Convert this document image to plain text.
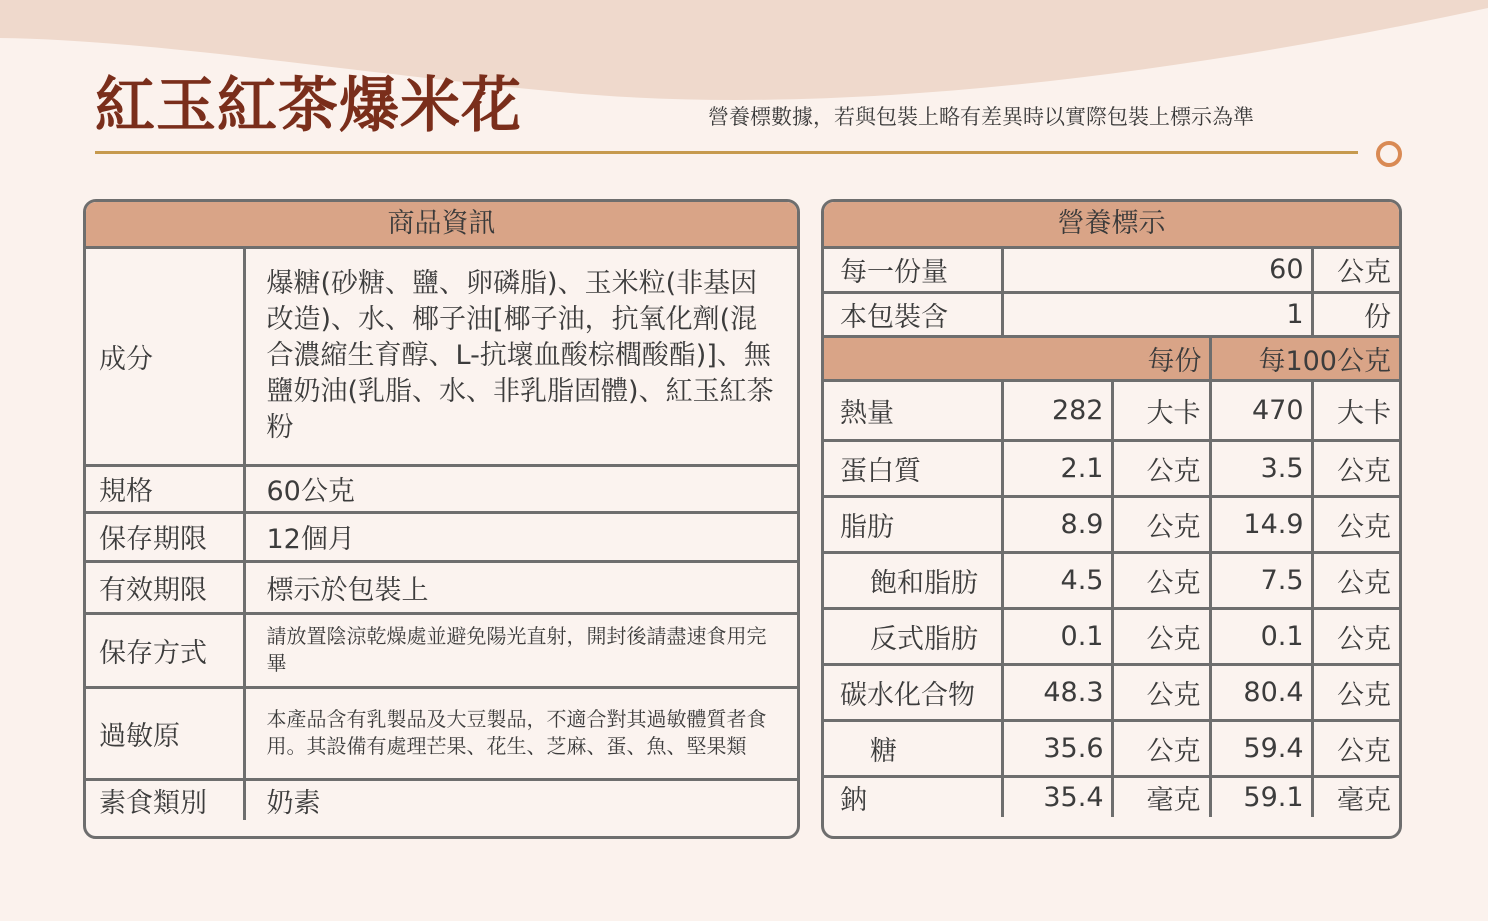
紅玉紅茶爆米花	營養標數據，若與包裝上略有差異時以實際包裝上標示為準
商品資訊
成分	爆糖(砂糖、鹽、卵磷脂)、玉米粒(非基因改造)、水、椰子油[椰子油，抗氧化劑(混合濃縮生育醇、L-抗壞血酸棕櫚酸酯)]、無鹽奶油(乳脂、水、非乳脂固體)、紅玉紅茶粉
規格	60公克
保存期限	12個月
有效期限	標示於包裝上
保存方式	請放置陰涼乾燥處並避免陽光直射，開封後請盡速食用完畢
過敏原	本產品含有乳製品及大豆製品，不適合對其過敏體質者食用。其設備有處理芒果、花生、芝麻、蛋、魚、堅果類
素食類別	奶素
營養標示
每一份量	60			公克
本包裝含	1			份
每份			每100公克	
熱量	282	大卡	470	大卡
蛋白質	2.1	公克	3.5	公克
脂肪	8.9	公克	14.9	公克
飽和脂肪	4.5	公克	7.5	公克
反式脂肪	0.1	公克	0.1	公克
碳水化合物	48.3	公克	80.4	公克
糖	35.6	公克	59.4	公克
鈉	35.4	毫克	59.1	毫克
